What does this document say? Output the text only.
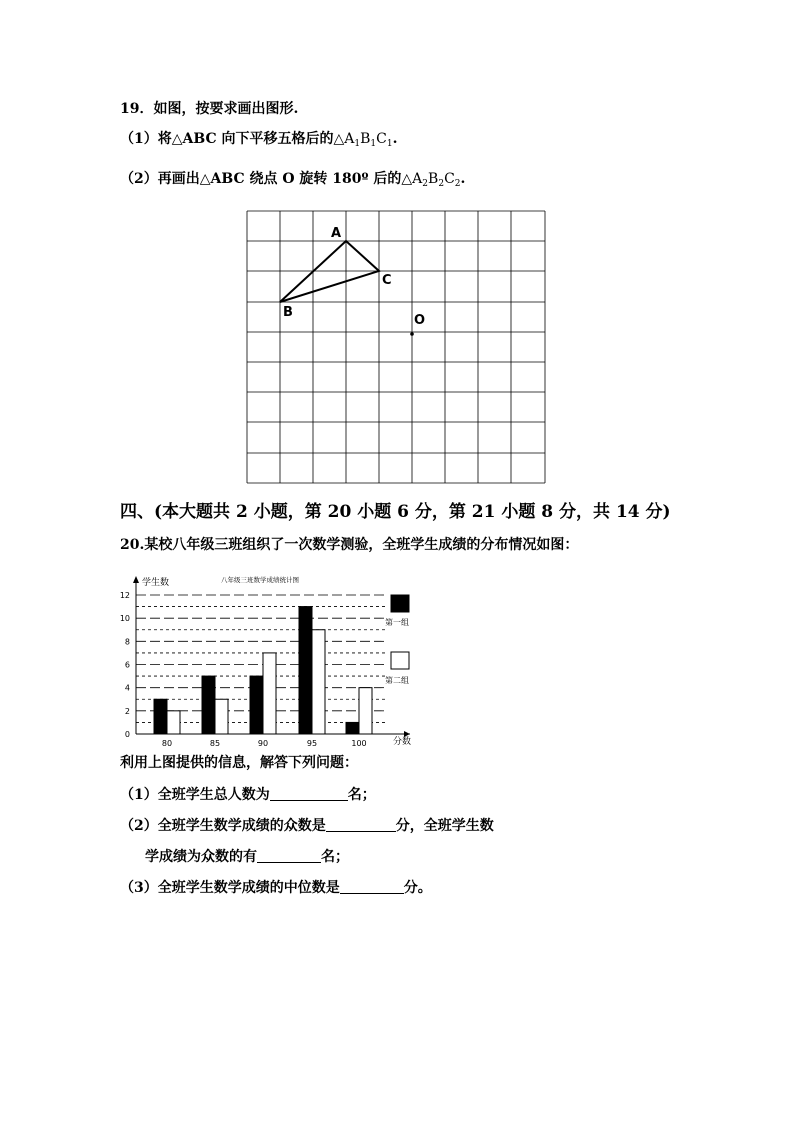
19．如图，按要求画出图形.
（1）将△ABC 向下平移五格后的$\triangle A_1B_1C_1$.
（2）再画出△ABC 绕点 O 旋转 180º 后的$\triangle A_2B_2C_2$.
A
C
B
O
四、(本大题共 2 小题，第 20 小题 6 分，第 21 小题 8 分，共 14 分)
20.某校八年级三班组织了一次数学测验，全班学生成绩的分布情况如图：
0
2
4
6
8
10
12
80	85	90	95	100
八年级三班数学成绩统计图
学生数
分数
第一组
第二组
利用上图提供的信息，解答下列问题：
（1）全班学生总人数为	名；
（2）全班学生数学成绩的众数是	分，全班学生数
学成绩为众数的有	名；
（3）全班学生数学成绩的中位数是	分。
